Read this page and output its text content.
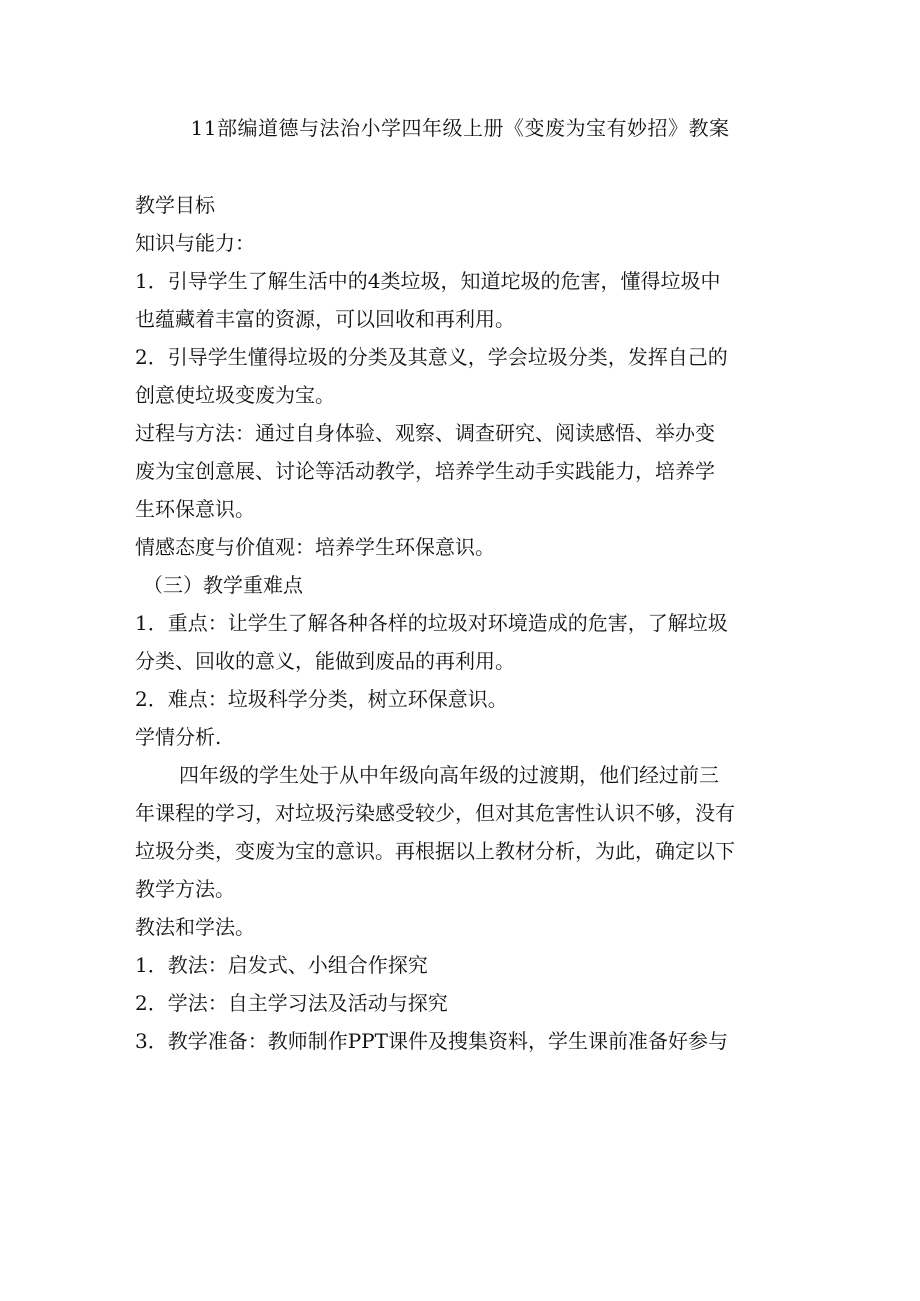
11部编道德与法治小学四年级上册《变废为宝有妙招》教案
教学目标
知识与能力：
1．引导学生了解生活中的4类垃圾，知道坨圾的危害，懂得垃圾中
也蕴藏着丰富的资源，可以回收和再利用。
2．引导学生懂得垃圾的分类及其意义，学会垃圾分类，发挥自己的
创意使垃圾变废为宝。
过程与方法：通过自身体验、观察、调查研究、阅读感悟、举办变
废为宝创意展、讨论等活动教学，培养学生动手实践能力，培养学
生环保意识。
情感态度与价值观：培养学生环保意识。
（三）教学重难点
1．重点：让学生了解各种各样的垃圾对环境造成的危害，了解垃圾
分类、回收的意义，能做到废品的再利用。
2．难点：垃圾科学分类，树立环保意识。
学情分析.
四年级的学生处于从中年级向高年级的过渡期，他们经过前三
年课程的学习，对垃圾污染感受较少，但对其危害性认识不够，没有
垃圾分类，变废为宝的意识。再根据以上教材分析，为此，确定以下
教学方法。
教法和学法。
1．教法：启发式、小组合作探究
2．学法：自主学习法及活动与探究
3．教学准备：教师制作PPT课件及搜集资料，学生课前准备好参与
